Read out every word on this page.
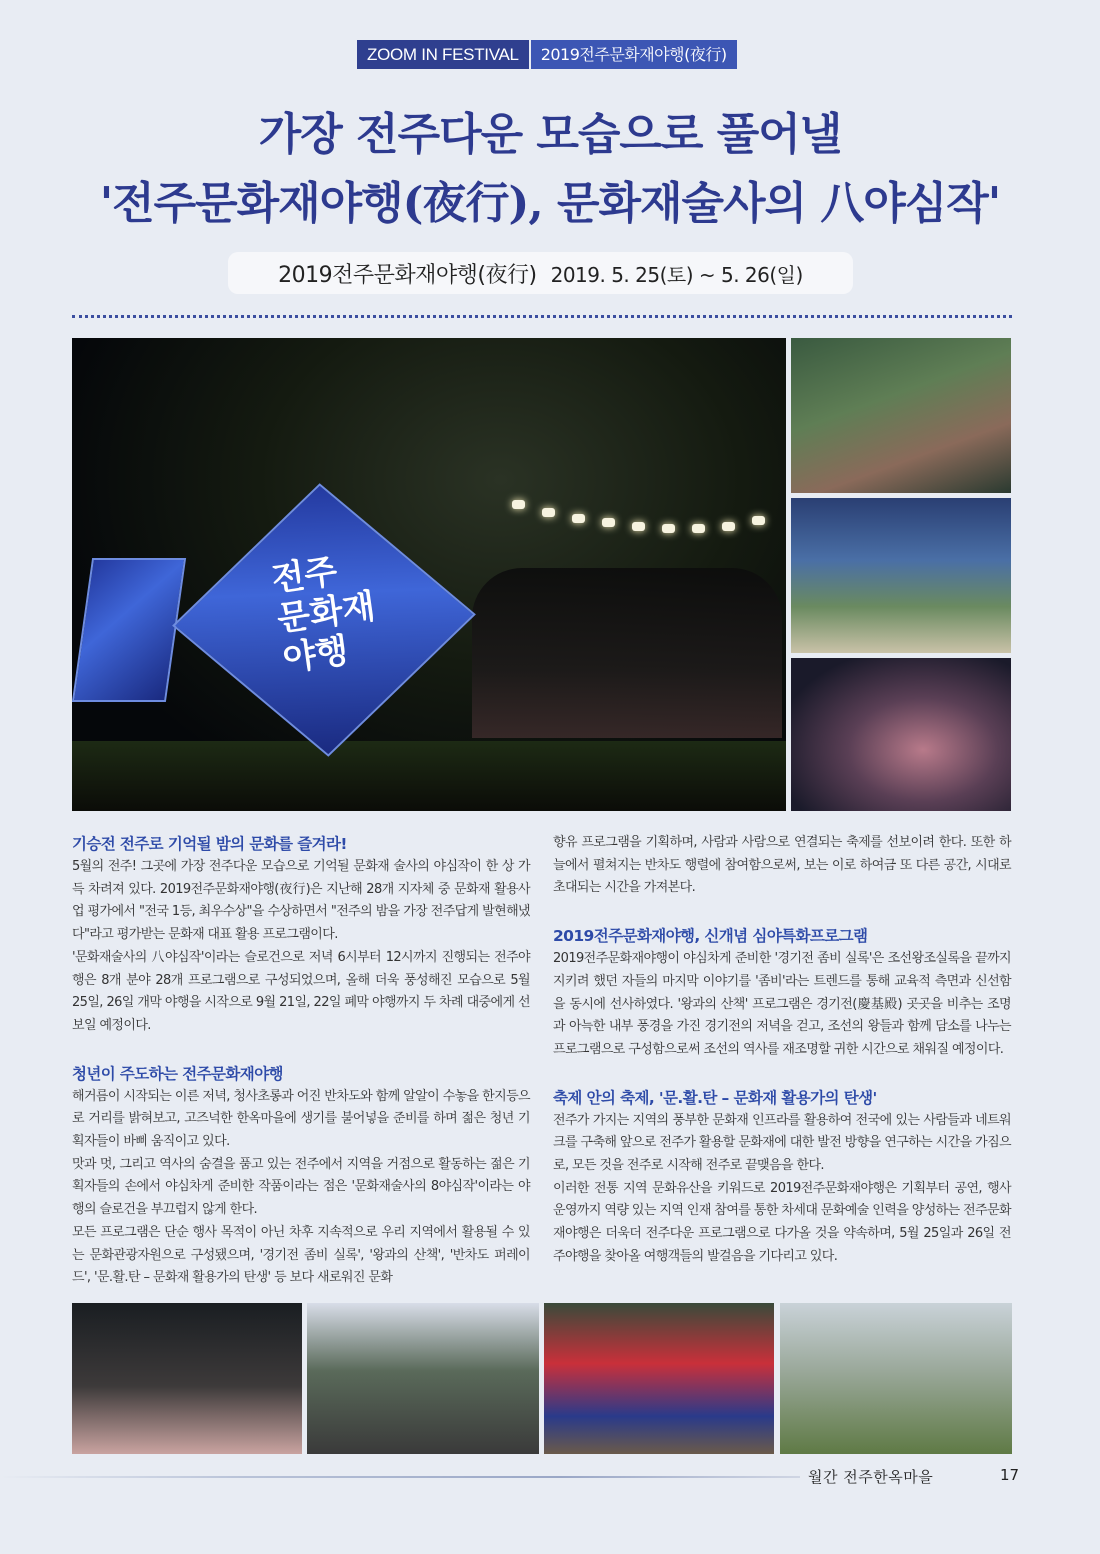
ZOOM IN FESTIVAL	2019전주문화재야행(夜行)
가장 전주다운 모습으로 풀어낼
'전주문화재야행(夜行), 문화재술사의 八야심작'
2019전주문화재야행(夜行) 2019. 5. 25(토) ~ 5. 26(일)
전주
문화재
야행
기승전 전주로 기억될 밤의 문화를 즐겨라!

5월의 전주! 그곳에 가장 전주다운 모습으로 기억될 문화재 술사의 야심작이 한 상 가득 차려져 있다. 2019전주문화재야행(夜行)은 지난해 28개 지자체 중 문화재 활용사업 평가에서 "전국 1등, 최우수상"을 수상하면서 "전주의 밤을 가장 전주답게 발현해냈다"라고 평가받는 문화재 대표 활용 프로그램이다.

'문화재술사의 八야심작'이라는 슬로건으로 저녁 6시부터 12시까지 진행되는 전주야행은 8개 분야 28개 프로그램으로 구성되었으며, 올해 더욱 풍성해진 모습으로 5월 25일, 26일 개막 야행을 시작으로 9월 21일, 22일 폐막 야행까지 두 차례 대중에게 선보일 예정이다.

청년이 주도하는 전주문화재야행

해거름이 시작되는 이른 저녁, 청사초롱과 어진 반차도와 함께 알알이 수놓을 한지등으로 거리를 밝혀보고, 고즈넉한 한옥마을에 생기를 불어넣을 준비를 하며 젊은 청년 기획자들이 바삐 움직이고 있다.

맛과 멋, 그리고 역사의 숨결을 품고 있는 전주에서 지역을 거점으로 활동하는 젊은 기획자들의 손에서 야심차게 준비한 작품이라는 점은 '문화재술사의 8야심작'이라는 야행의 슬로건을 부끄럽지 않게 한다.

모든 프로그램은 단순 행사 목적이 아닌 차후 지속적으로 우리 지역에서 활용될 수 있는 문화관광자원으로 구성됐으며, '경기전 좀비 실록', '왕과의 산책', '반차도 퍼레이드', '문.활.탄 – 문화재 활용가의 탄생' 등 보다 새로워진 문화

향유 프로그램을 기획하며, 사람과 사람으로 연결되는 축제를 선보이려 한다. 또한 하늘에서 펼쳐지는 반차도 행렬에 참여함으로써, 보는 이로 하여금 또 다른 공간, 시대로 초대되는 시간을 가져본다.

2019전주문화재야행, 신개념 심야특화프로그램

2019전주문화재야행이 야심차게 준비한 '경기전 좀비 실록'은 조선왕조실록을 끝까지 지키려 했던 자들의 마지막 이야기를 '좀비'라는 트렌드를 통해 교육적 측면과 신선함을 동시에 선사하였다. '왕과의 산책' 프로그램은 경기전(慶基殿) 곳곳을 비추는 조명과 아늑한 내부 풍경을 가진 경기전의 저녁을 걷고, 조선의 왕들과 함께 담소를 나누는 프로그램으로 구성함으로써 조선의 역사를 재조명할 귀한 시간으로 채워질 예정이다.

축제 안의 축제, '문.활.탄 – 문화재 활용가의 탄생'

전주가 가지는 지역의 풍부한 문화재 인프라를 활용하여 전국에 있는 사람들과 네트워크를 구축해 앞으로 전주가 활용할 문화재에 대한 발전 방향을 연구하는 시간을 가짐으로, 모든 것을 전주로 시작해 전주로 끝맺음을 한다.

이러한 전통 지역 문화유산을 키워드로 2019전주문화재야행은 기획부터 공연, 행사 운영까지 역량 있는 지역 인재 참여를 통한 차세대 문화예술 인력을 양성하는 전주문화재야행은 더욱더 전주다운 프로그램으로 다가올 것을 약속하며, 5월 25일과 26일 전주야행을 찾아올 여행객들의 발걸음을 기다리고 있다.

월간 전주한옥마을	17
